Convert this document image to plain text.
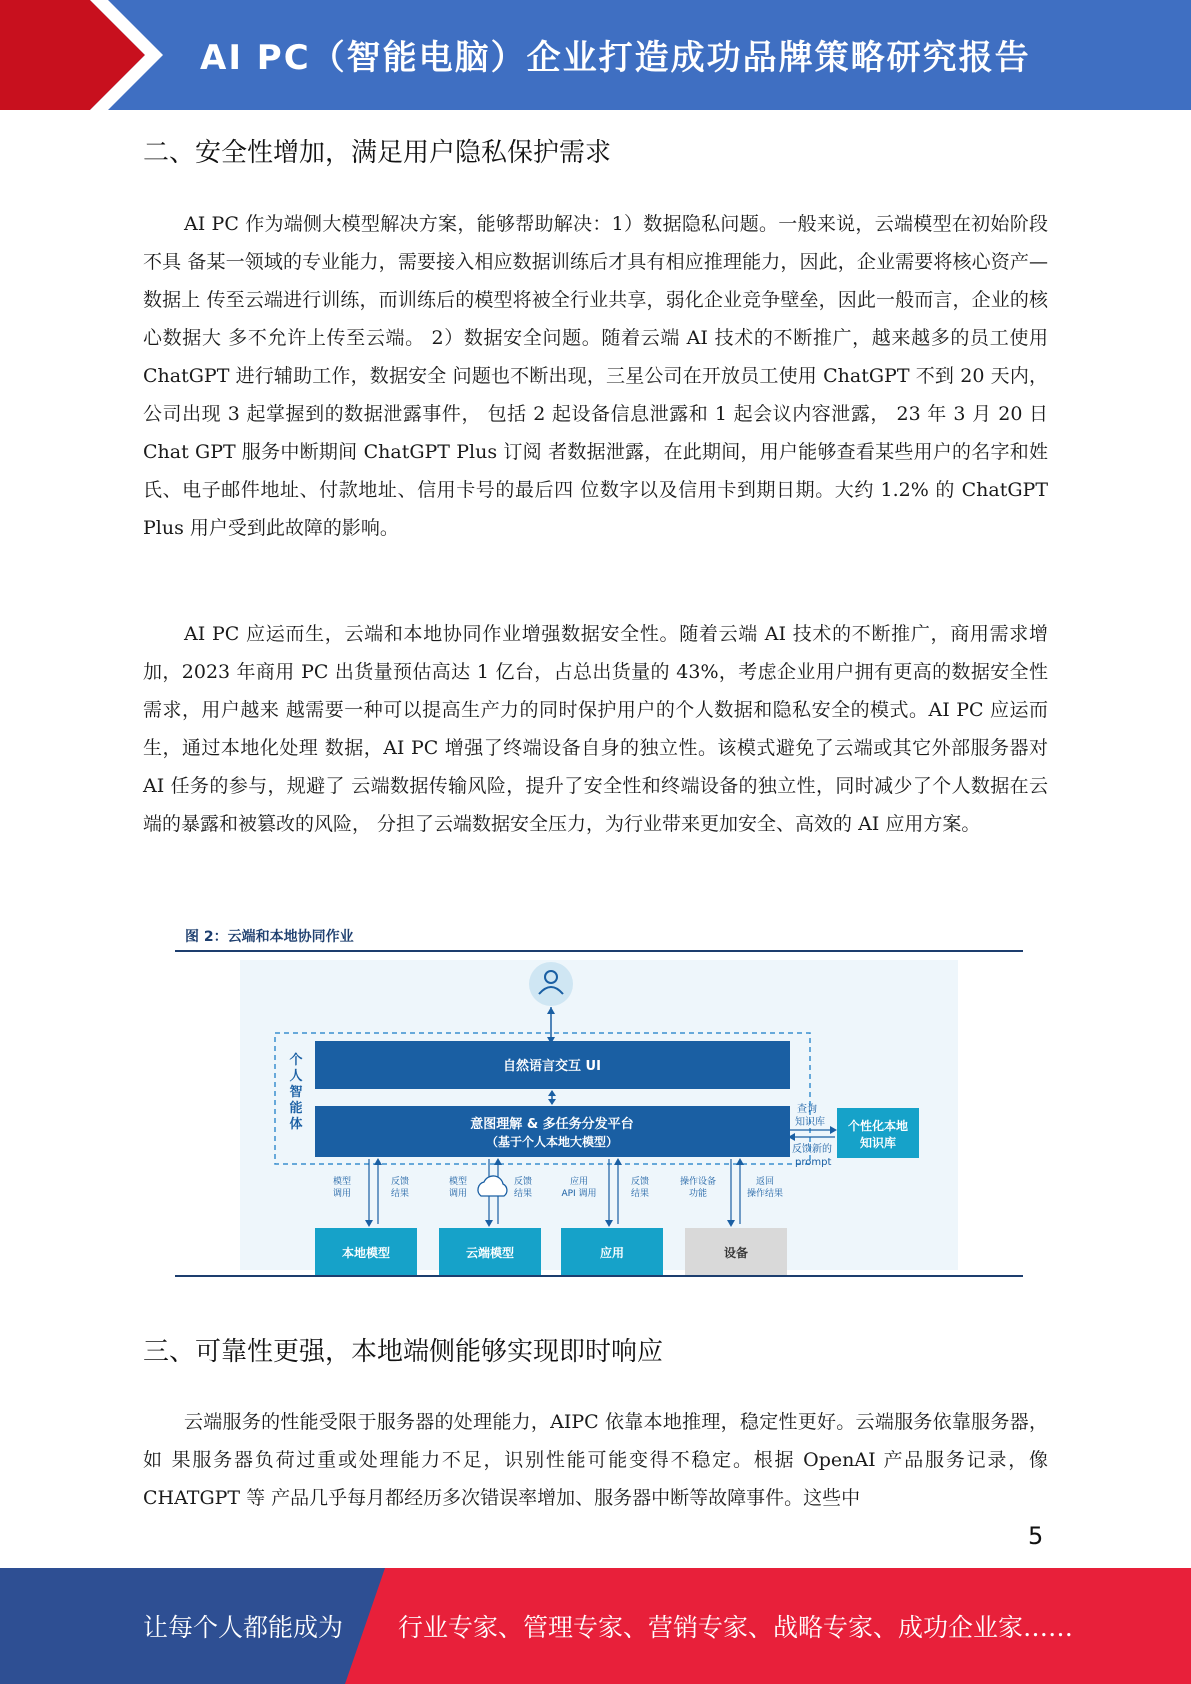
AI PC（智能电脑）企业打造成功品牌策略研究报告
二、安全性增加，满足用户隐私保护需求

AI PC 作为端侧大模型解决方案，能够帮助解决：1）数据隐私问题。一般来说，云端模型在初始阶段不具 备某一领域的专业能力，需要接入相应数据训练后才具有相应推理能力，因此，企业需要将核心资产—数据上 传至云端进行训练，而训练后的模型将被全行业共享，弱化企业竞争壁垒，因此一般而言，企业的核心数据大 多不允许上传至云端。 2）数据安全问题。随着云端 AI 技术的不断推广，越来越多的员工使用 ChatGPT 进行辅助工作，数据安全 问题也不断出现，三星公司在开放员工使用 ChatGPT 不到 20 天内，公司出现 3 起掌握到的数据泄露事件， 包括 2 起设备信息泄露和 1 起会议内容泄露， 23 年 3 月 20 日 Chat GPT 服务中断期间 ChatGPT Plus 订阅 者数据泄露，在此期间，用户能够查看某些用户的名字和姓氏、电子邮件地址、付款地址、信用卡号的最后四 位数字以及信用卡到期日期。大约 1.2% 的 ChatGPT Plus 用户受到此故障的影响。

AI PC 应运而生，云端和本地协同作业增强数据安全性。随着云端 AI 技术的不断推广，商用需求增加，2023 年商用 PC 出货量预估高达 1 亿台，占总出货量的 43%，考虑企业用户拥有更高的数据安全性需求，用户越来 越需要一种可以提高生产力的同时保护用户的个人数据和隐私安全的模式。AI PC 应运而生，通过本地化处理 数据，AI PC 增强了终端设备自身的独立性。该模式避免了云端或其它外部服务器对 AI 任务的参与，规避了 云端数据传输风险，提升了安全性和终端设备的独立性，同时减少了个人数据在云端的暴露和被篡改的风险， 分担了云端数据安全压力，为行业带来更加安全、高效的 AI 应用方案。

图 2：云端和本地协同作业
个
人
智
能
体
自然语言交互 UI
意图理解 & 多任务分发平台
（基于个人本地大模型）
查询
知识库
反馈新的
prompt
个性化本地
知识库
模型
调用
反馈
结果
模型
调用
反馈
结果
应用
API 调用
反馈
结果
操作设备
功能
返回
操作结果
本地模型	云端模型	应用	设备
三、可靠性更强，本地端侧能够实现即时响应

云端服务的性能受限于服务器的处理能力，AIPC 依靠本地推理，稳定性更好。云端服务依靠服务器，如 果服务器负荷过重或处理能力不足，识别性能可能变得不稳定。根据 OpenAI 产品服务记录，像 CHATGPT 等 产品几乎每月都经历多次错误率增加、服务器中断等故障事件。这些中

5
让每个人都能成为 行业专家、管理专家、营销专家、战略专家、成功企业家……
